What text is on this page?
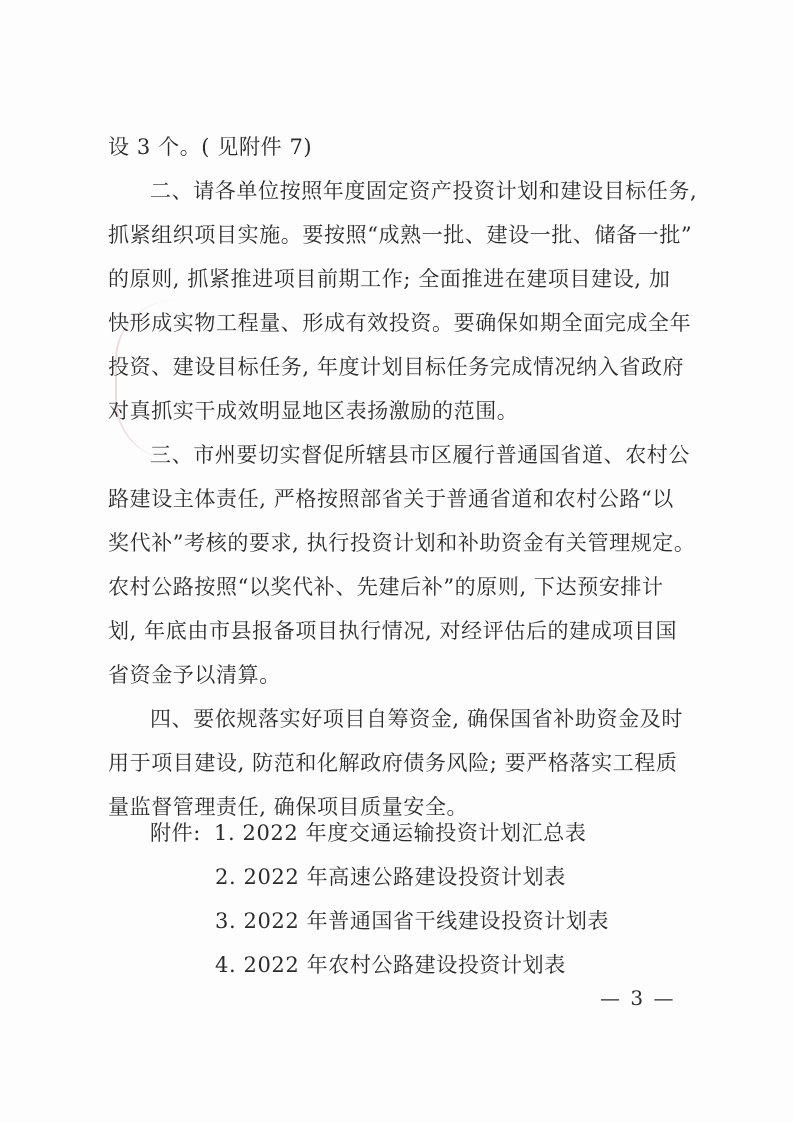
设 3 个。( 见附件 7)
二、请各单位按照年度固定资产投资计划和建设目标任务,
抓紧组织项目实施。要按照“成熟一批、建设一批、储备一批”
的原则, 抓紧推进项目前期工作; 全面推进在建项目建设, 加
快形成实物工程量、形成有效投资。要确保如期全面完成全年
投资、建设目标任务, 年度计划目标任务完成情况纳入省政府
对真抓实干成效明显地区表扬激励的范围。
三、市州要切实督促所辖县市区履行普通国省道、农村公
路建设主体责任, 严格按照部省关于普通省道和农村公路“以
奖代补”考核的要求, 执行投资计划和补助资金有关管理规定。
农村公路按照“以奖代补、先建后补”的原则, 下达预安排计
划, 年底由市县报备项目执行情况, 对经评估后的建成项目国
省资金予以清算。
四、要依规落实好项目自筹资金, 确保国省补助资金及时
用于项目建设, 防范和化解政府债务风险; 要严格落实工程质
量监督管理责任, 确保项目质量安全。
附件: 1. 2022 年度交通运输投资计划汇总表
2. 2022 年高速公路建设投资计划表
3. 2022 年普通国省干线建设投资计划表
4. 2022 年农村公路建设投资计划表
— 3 —
